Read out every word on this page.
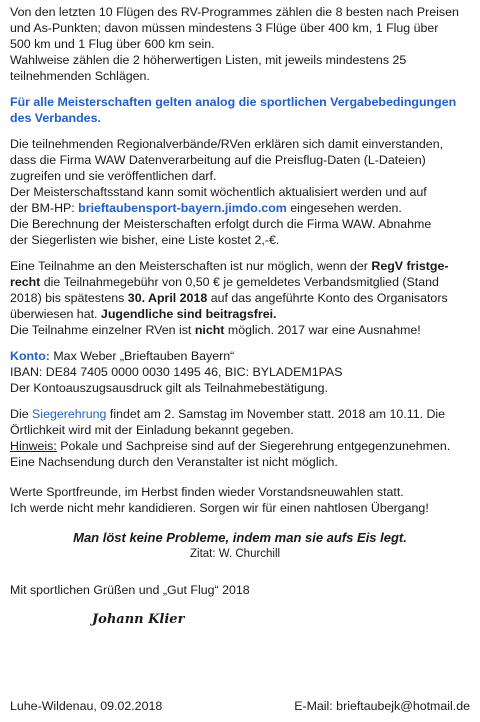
Von den letzten 10 Flügen des RV-Programmes zählen die 8 besten nach Preisen

und As-Punkten; davon müssen mindestens 3 Flüge über 400 km, 1 Flug über

500 km und 1 Flug über 600 km sein.

Wahlweise zählen die 2 höherwertigen Listen, mit jeweils mindestens 25

teilnehmenden Schlägen.

Für alle Meisterschaften gelten analog die sportlichen Vergabebedingungen

des Verbandes.

Die teilnehmenden Regionalverbände/RVen erklären sich damit einverstanden,

dass die Firma WAW Datenverarbeitung auf die Preisflug-Daten (L-Dateien)

zugreifen und sie veröffentlichen darf.

Der Meisterschaftsstand kann somit wöchentlich aktualisiert werden und auf

der BM-HP: brieftaubensport-bayern.jimdo.com eingesehen werden.

Die Berechnung der Meisterschaften erfolgt durch die Firma WAW. Abnahme

der Siegerlisten wie bisher, eine Liste kostet 2,-€.

Eine Teilnahme an den Meisterschaften ist nur möglich, wenn der RegV fristge-

recht die Teilnahmegebühr von 0,50 € je gemeldetes Verbandsmitglied (Stand

2018) bis spätestens 30. April 2018 auf das angeführte Konto des Organisators

überwiesen hat. Jugendliche sind beitragsfrei.

Die Teilnahme einzelner RVen ist nicht möglich. 2017 war eine Ausnahme!

Konto: Max Weber „Brieftauben Bayern“

IBAN: DE84 7405 0000 0030 1495 46, BIC: BYLADEM1PAS

Der Kontoauszugsausdruck gilt als Teilnahmebestätigung.

Die Siegerehrung findet am 2. Samstag im November statt. 2018 am 10.11. Die

Örtlichkeit wird mit der Einladung bekannt gegeben.

Hinweis: Pokale und Sachpreise sind auf der Siegerehrung entgegenzunehmen.

Eine Nachsendung durch den Veranstalter ist nicht möglich.

Werte Sportfreunde, im Herbst finden wieder Vorstandsneuwahlen statt.

Ich werde nicht mehr kandidieren. Sorgen wir für einen nahtlosen Übergang!

Man löst keine Probleme, indem man sie aufs Eis legt.

Zitat: W. Churchill

Mit sportlichen Grüßen und „Gut Flug“ 2018

Johann Klier

Luhe-Wildenau, 09.02.2018	E-Mail: brieftaubejk@hotmail.de
